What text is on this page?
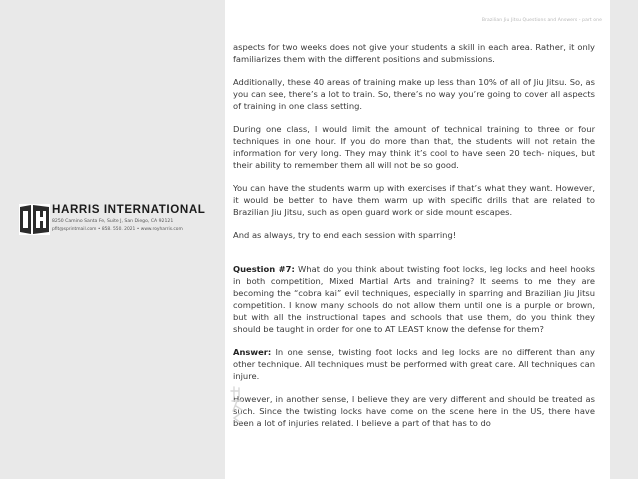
HARRIS INTERNATIONAL
8250 Camino Santa Fe, Suite J, San Diego, CA 92121
pfit@sprintmail.com • 858. 550. 2021 • www.royharris.com
Brazilian Jiu Jitsu Questions and Answers - part one

aspects for two weeks does not give your students a skill in each area. Rather, it only familiarizes them with the different positions and submissions.

Additionally, these 40 areas of training make up less than 10% of all of Jiu Jitsu. So, as you can see, there’s a lot to train. So, there’s no way you’re going to cover all aspects of training in one class setting.

During one class, I would limit the amount of technical training to three or four techniques in one hour. If you do more than that, the students will not retain the information for very long. They may think it’s cool to have seen 20 tech- niques, but their ability to remember them all will not be so good.

You can have the students warm up with exercises if that’s what they want. However, it would be better to have them warm up with specific drills that are related to Brazilian Jiu Jitsu, such as open guard work or side mount escapes.

And as always, try to end each session with sparring!

Question #7: What do you think about twisting foot locks, leg locks and heel hooks in both competition, Mixed Martial Arts and training? It seems to me they are becoming the “cobra kai” evil techniques, especially in sparring and Brazilian Jiu Jitsu competition. I know many schools do not allow them until one is a purple or brown, but with all the instructional tapes and schools that use them, do you think they should be taught in order for one to AT LEAST know the defense for them?

Answer: In one sense, twisting foot locks and leg locks are no different than any other technique. All techniques must be performed with great care. All techniques can injure.

However, in another sense, I believe they are very different and should be treated as such. Since the twisting locks have come on the scene here in the US, there have been a lot of injuries related. I believe a part of that has to do
